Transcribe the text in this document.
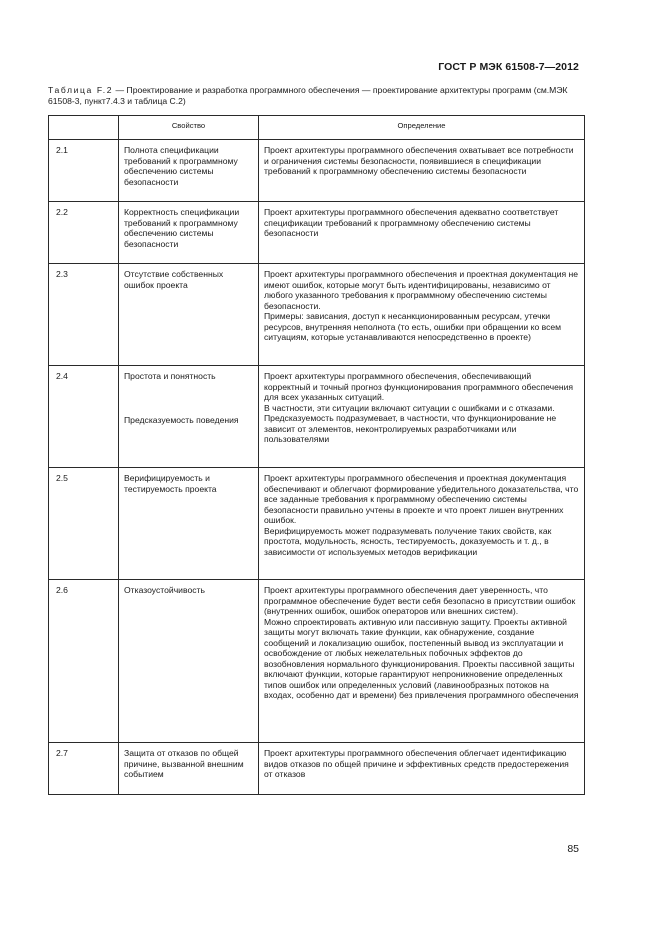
ГОСТ Р МЭК 61508-7—2012
Таблица F.2 — Проектирование и разработка программного обеспечения — проектирование архитектуры программ (см.МЭК 61508-3, пункт7.4.3 и таблица С.2)
	Свойство	Определение
2.1	Полнота спецификации требований к программному обеспечению системы безопасности	Проект архитектуры программного обеспечения охватывает все потребности и ограничения системы безопасности, появившиеся в спецификации требований к программному обеспечению системы безопасности
2.2	Корректность спецификации требований к программному обеспечению системы безопасности	Проект архитектуры программного обеспечения адекватно соответствует спецификации требований к программному обеспечению системы безопасности
2.3	Отсутствие собственных ошибок проекта	Проект архитектуры программного обеспечения и проектная документация не имеют ошибок, которые могут быть идентифицированы, независимо от любого указанного требования к программному обеспечению системы безопасности.
Примеры: зависания, доступ к несанкционированным ресурсам, утечки ресурсов, внутренняя неполнота (то есть, ошибки при обращении ко всем ситуациям, которые устанавливаются непосредственно в проекте)
2.4	Простота и понятность
Предсказуемость поведения	Проект архитектуры программного обеспечения, обеспечивающий корректный и точный прогноз функционирования программного обеспечения для всех указанных ситуаций.
В частности, эти ситуации включают ситуации с ошибками и с отказами.
Предсказуемость подразумевает, в частности, что функционирование не зависит от элементов, неконтролируемых разработчиками или пользователями
2.5	Верифицируемость и тестируемость проекта	Проект архитектуры программного обеспечения и проектная документация обеспечивают и облегчают формирование убедительного доказательства, что все заданные требования к программному обеспечению системы безопасности правильно учтены в проекте и что проект лишен внутренних ошибок.
Верифицируемость может подразумевать получение таких свойств, как простота, модульность, ясность, тестируемость, доказуемость и т. д., в зависимости от используемых методов верификации
2.6	Отказоустойчивость	Проект архитектуры программного обеспечения дает уверенность, что программное обеспечение будет вести себя безопасно в присутствии ошибок (внутренних ошибок, ошибок операторов или внешних систем).
Можно спроектировать активную или пассивную защиту. Проекты активной защиты могут включать такие функции, как обнаружение, создание сообщений и локализацию ошибок, постепенный вывод из эксплуатации и освобождение от любых нежелательных побочных эффектов до возобновления нормального функционирования. Проекты пассивной защиты включают функции, которые гарантируют непроникновение определенных типов ошибок или определенных условий (лавинообразных потоков на входах, особенно дат и времени) без привлечения программного обеспечения
2.7	Защита от отказов по общей причине, вызванной внешним событием	Проект архитектуры программного обеспечения облегчает идентификацию видов отказов по общей причине и эффективных средств предостережения от отказов
85
